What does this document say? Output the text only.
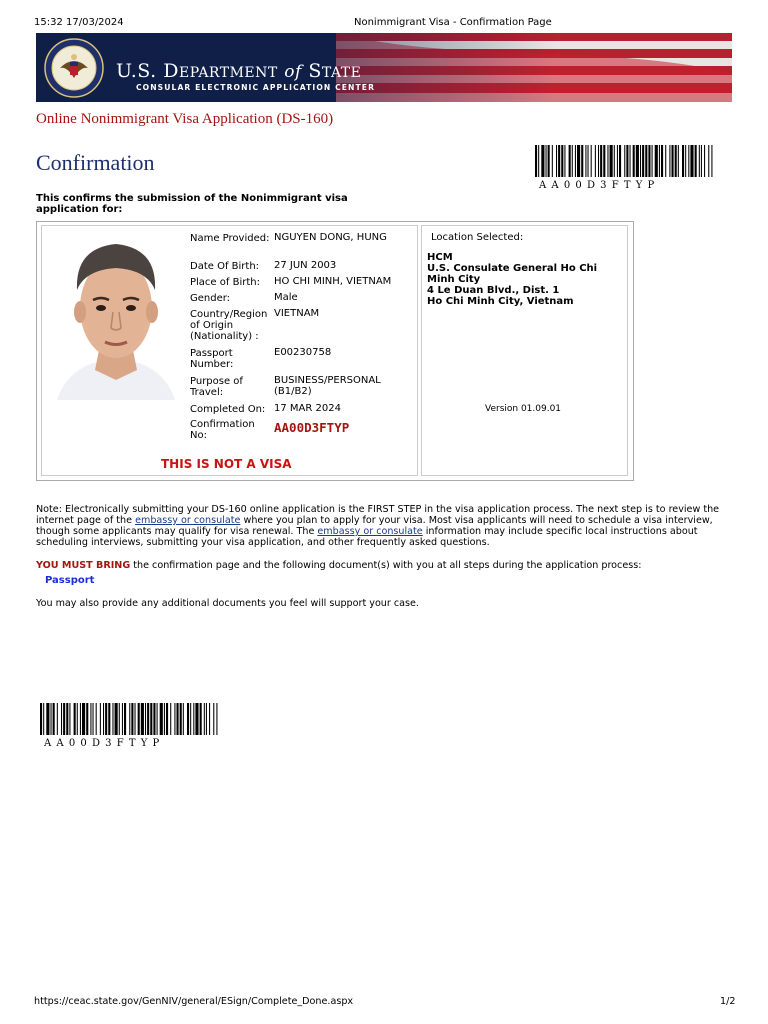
15:32 17/03/2024	Nonimmigrant Visa - Confirmation Page
U.S. DEPARTMENT of STATE
CONSULAR ELECTRONIC APPLICATION CENTER
Online Nonimmigrant Visa Application (DS-160)
Confirmation
AA00D3FTYP
This confirms the submission of the Nonimmigrant visa application for:
Name Provided: NGUYEN DONG, HUNG
Date Of Birth:	27 JUN 2003
Place of Birth:	HO CHI MINH, VIETNAM
Gender:	Male
Country/Region of Origin (Nationality) :
VIETNAM
Passport Number:
E00230758
Purpose of Travel:
BUSINESS/PERSONAL (B1/B2)
Completed On: 17 MAR 2024
Confirmation No:
AA00D3FTYP
THIS IS NOT A VISA
Location Selected:
HCM
U.S. Consulate General Ho Chi Minh City
4 Le Duan Blvd., Dist. 1
Ho Chi Minh City, Vietnam
Version 01.09.01
Note: Electronically submitting your DS-160 online application is the FIRST STEP in the visa application process. The next step is to review the internet page of the embassy or consulate where you plan to apply for your visa. Most visa applicants will need to schedule a visa interview, though some applicants may qualify for visa renewal. The embassy or consulate information may include specific local instructions about scheduling interviews, submitting your visa application, and other frequently asked questions.
YOU MUST BRING the confirmation page and the following document(s) with you at all steps during the application process:
Passport
You may also provide any additional documents you feel will support your case.
AA00D3FTYP
https://ceac.state.gov/GenNIV/general/ESign/Complete_Done.aspx	1/2
